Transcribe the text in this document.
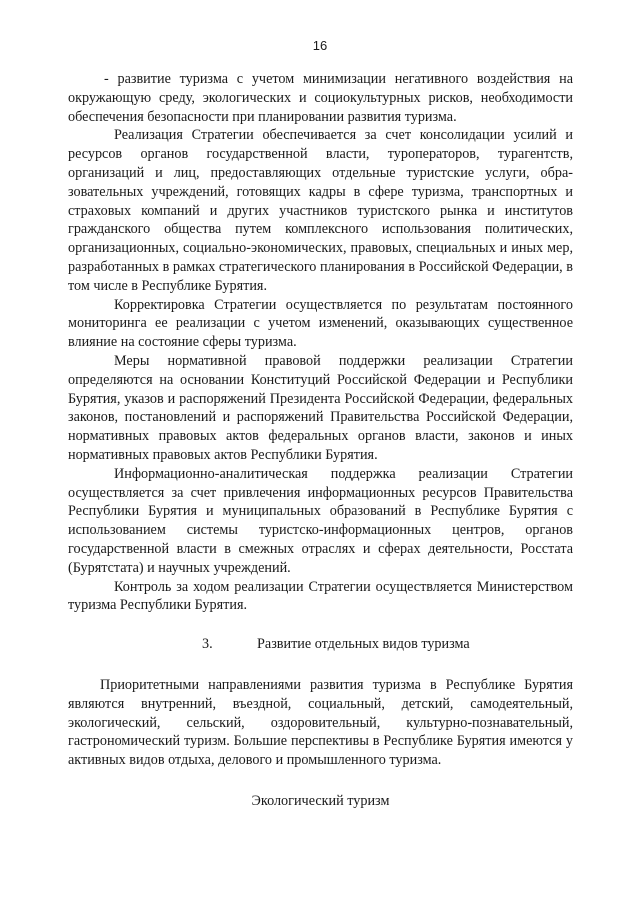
16

- развитие туризма с учетом минимизации негативного воздействия на окружающую среду, экологических и социокультурных рисков, необходимости обеспечения безопасности при планировании развития туризма.

Реализация Стратегии обеспечивается за счет консолидации усилий и ресурсов органов государственной власти, туроператоров, турагентств, организаций и лиц, предоставляющих отдельные туристские услуги, образовательных учреждений, готовящих кадры в сфере туризма, транспортных и страховых компаний и других участников туристского рынка и институтов гражданского общества путем комплексного использования политических, организационных, социально-экономических, правовых, специальных и иных мер, разработанных в рамках стратегического планирования в Российской Федерации, в том числе в Республике Бурятия.

Корректировка Стратегии осуществляется по результатам постоянного мониторинга ее реализации с учетом изменений, оказывающих существенное влияние на состояние сферы туризма.

Меры нормативной правовой поддержки реализации Стратегии определяются на основании Конституций Российской Федерации и Республики Бурятия, указов и распоряжений Президента Российской Федерации, федеральных законов, постановлений и распоряжений Правительства Российской Федерации, нормативных правовых актов федеральных органов власти, законов и иных нормативных правовых актов Республики Бурятия.

Информационно-аналитическая поддержка реализации Стратегии осуществляется за счет привлечения информационных ресурсов Правительства Республики Бурятия и муниципальных образований в Республике Бурятия с использованием системы туристско-информационных центров, органов государственной власти в смежных отраслях и сферах деятельности, Росстата (Бурятстата) и научных учреждений.

Контроль за ходом реализации Стратегии осуществляется Министерством туризма Республики Бурятия.

3.	Развитие отдельных видов туризма

Приоритетными направлениями развития туризма в Республике Бурятия являются внутренний, въездной, социальный, детский, самодеятельный, экологический, сельский, оздоровительный, культурно-познавательный, гастрономический туризм. Большие перспективы в Республике Бурятия имеются у активных видов отдыха, делового и промышленного туризма.

Экологический туризм
